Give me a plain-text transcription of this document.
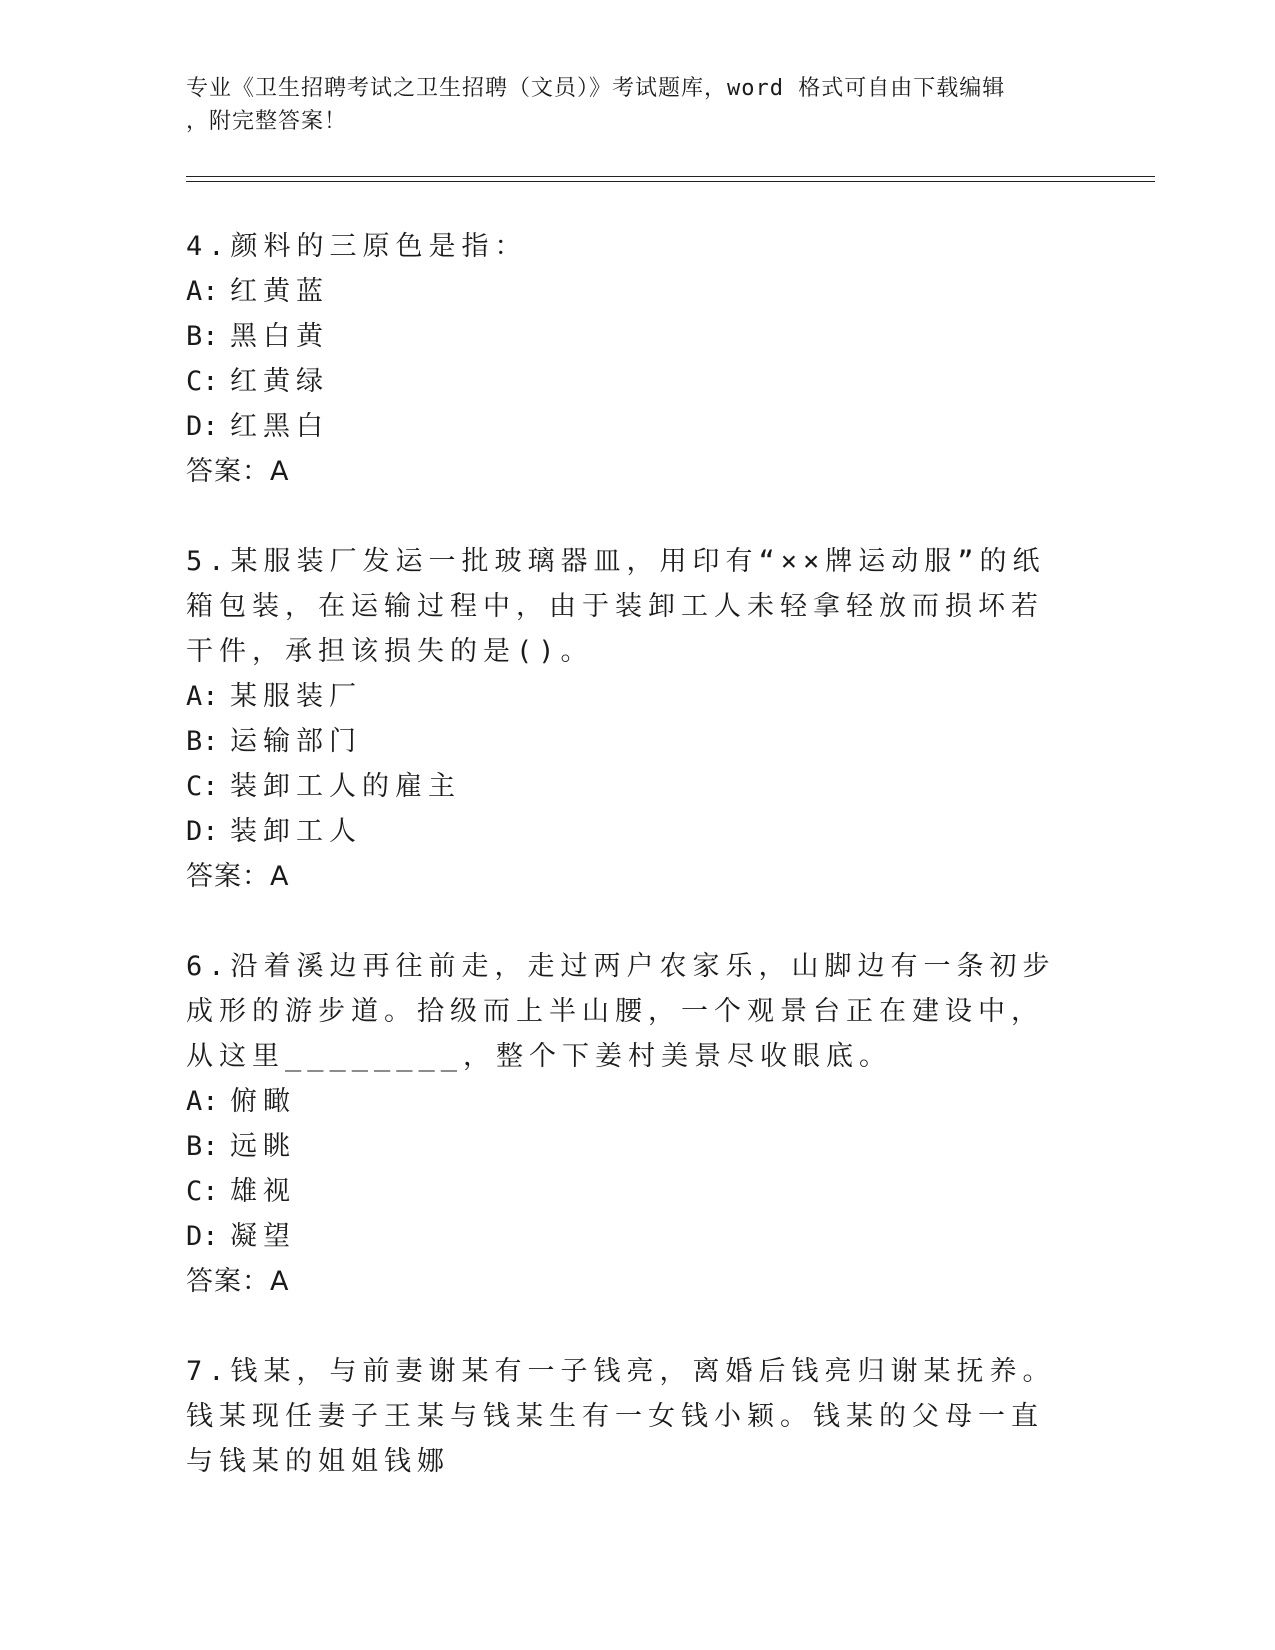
专业《卫生招聘考试之卫生招聘（文员）》考试题库，word 格式可自由下载编辑
，附完整答案！

4.颜料的三原色是指：

A: 红黄蓝

B: 黑白黄

C: 红黄绿

D: 红黑白

答案：A

5.某服装厂发运一批玻璃器皿，用印有“××牌运动服”的纸箱包装，在运输过程中，由于装卸工人未轻拿轻放而损坏若干件，承担该损失的是()。

A: 某服装厂

B: 运输部门

C: 装卸工人的雇主

D: 装卸工人

答案：A

6.沿着溪边再往前走，走过两户农家乐，山脚边有一条初步成形的游步道。拾级而上半山腰，一个观景台正在建设中，从这里________，整个下姜村美景尽收眼底。

A: 俯瞰

B: 远眺

C: 雄视

D: 凝望

答案：A

7.钱某，与前妻谢某有一子钱亮，离婚后钱亮归谢某抚养。钱某现任妻子王某与钱某生有一女钱小颖。钱某的父母一直与钱某的姐姐钱娜
